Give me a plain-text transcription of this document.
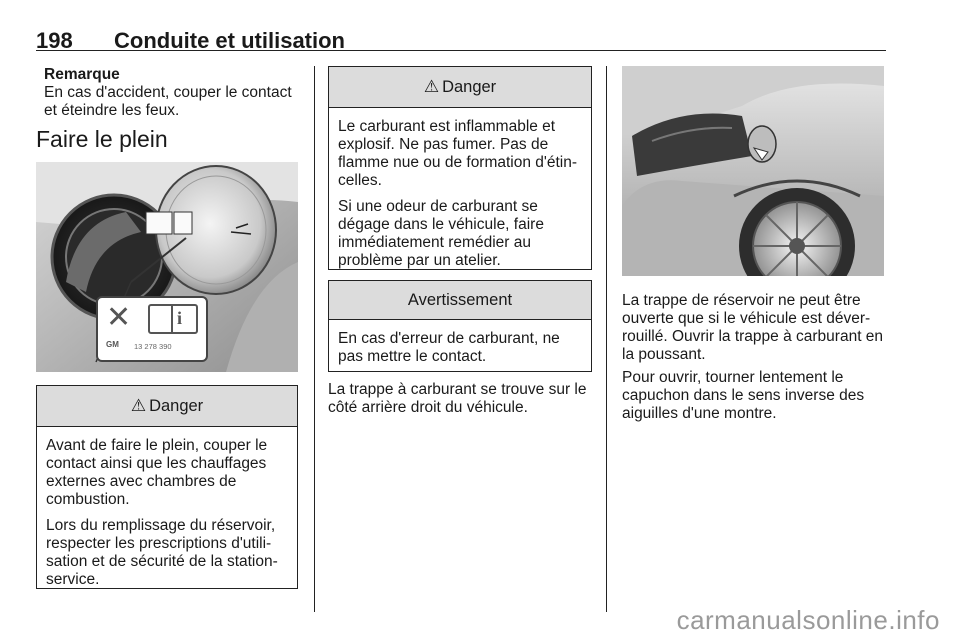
198 Conduite et utilisation
Remarque

En cas d'accident, couper le contact et éteindre les feux.

Faire le plein
✕	i
GM 13 278 390
⚠ Danger

Avant de faire le plein, couper le contact ainsi que les chauffages externes avec chambres de combustion.

Lors du remplissage du réservoir, respecter les prescriptions d'utili- sation et de sécurité de la station- service.

⚠ Danger

Le carburant est inflammable et explosif. Ne pas fumer. Pas de flamme nue ou de formation d'étin- celles.

Si une odeur de carburant se dégage dans le véhicule, faire immédiatement remédier au problème par un atelier.

Avertissement

En cas d'erreur de carburant, ne pas mettre le contact.

La trappe à carburant se trouve sur le côté arrière droit du véhicule.

La trappe de réservoir ne peut être ouverte que si le véhicule est déver- rouillé. Ouvrir la trappe à carburant en la poussant.

Pour ouvrir, tourner lentement le capuchon dans le sens inverse des aiguilles d'une montre.

carmanualsonline.info
